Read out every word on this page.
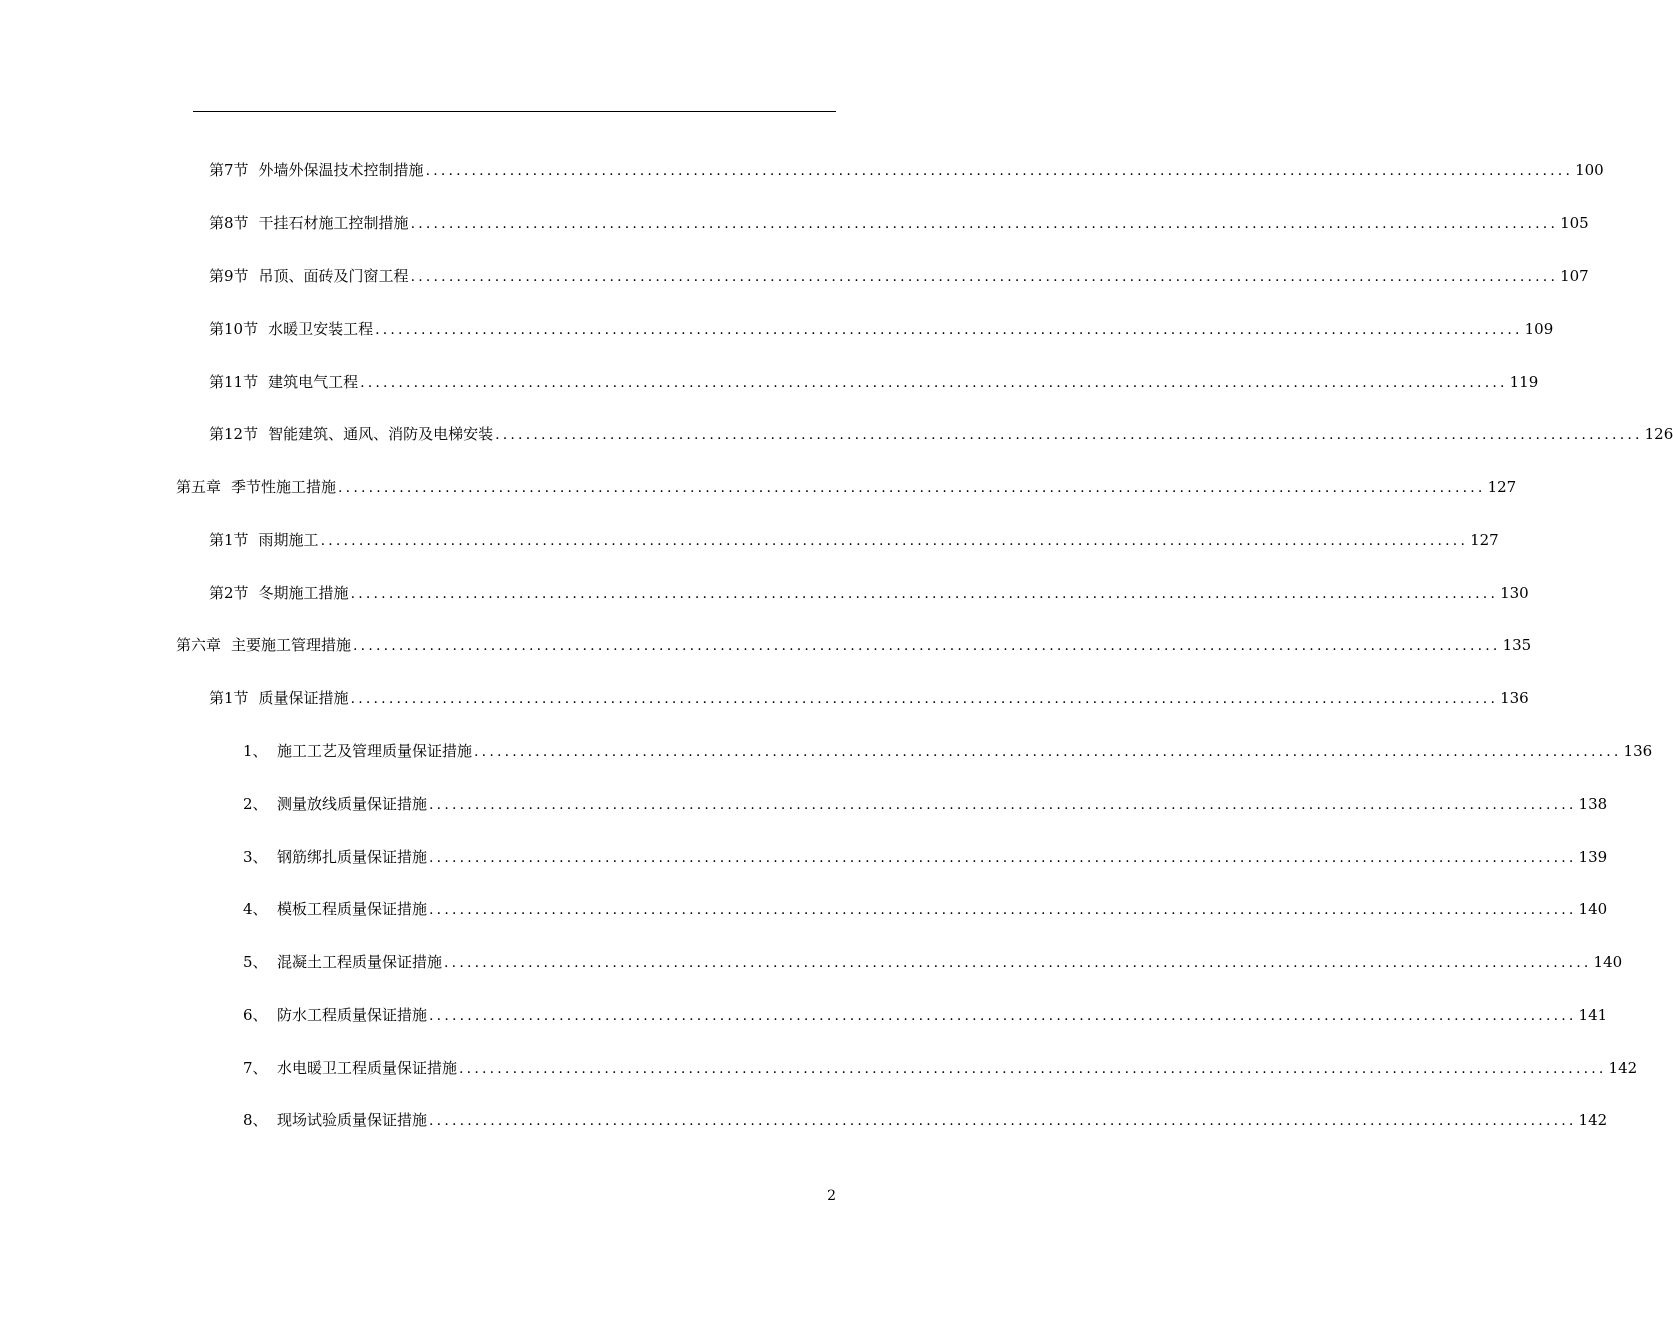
第7节 外墙外保温技术控制措施 ...................................................................................................................................................... 100
第8节 干挂石材施工控制措施 ...................................................................................................................................................... 105
第9节 吊顶、面砖及门窗工程 ...................................................................................................................................................... 107
第10节 水暖卫安装工程 ...................................................................................................................................................... 109
第11节 建筑电气工程 ...................................................................................................................................................... 119
第12节 智能建筑、通风、消防及电梯安装 ...................................................................................................................................................... 126
第五章 季节性施工措施 ...................................................................................................................................................... 127
第1节 雨期施工 ...................................................................................................................................................... 127
第2节 冬期施工措施 ...................................................................................................................................................... 130
第六章 主要施工管理措施 ...................................................................................................................................................... 135
第1节 质量保证措施 ...................................................................................................................................................... 136
1、 施工工艺及管理质量保证措施 ...................................................................................................................................................... 136
2、 测量放线质量保证措施 ...................................................................................................................................................... 138
3、 钢筋绑扎质量保证措施 ...................................................................................................................................................... 139
4、 模板工程质量保证措施 ...................................................................................................................................................... 140
5、 混凝土工程质量保证措施 ...................................................................................................................................................... 140
6、 防水工程质量保证措施 ...................................................................................................................................................... 141
7、 水电暖卫工程质量保证措施 ...................................................................................................................................................... 142
8、 现场试验质量保证措施 ...................................................................................................................................................... 142
2
